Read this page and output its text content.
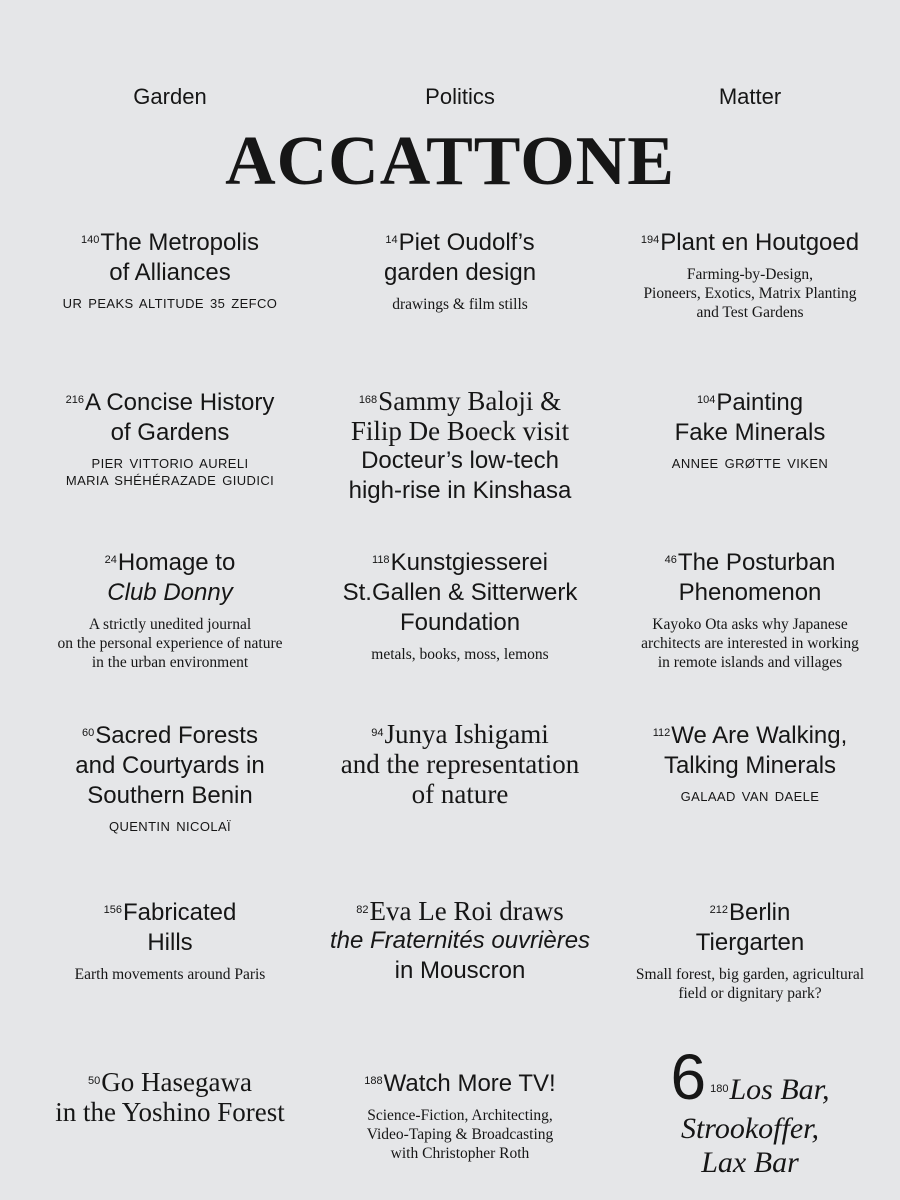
Garden	Politics	Matter
ACCATTONE
$^{140}$The Metropolis
of Alliances
UR PEAKS ALTITUDE 35 ZEFCO
$^{14}$Piet Oudolf’s
garden design
drawings & film stills
$^{194}$Plant en Houtgoed
Farming-by-Design,
Pioneers, Exotics, Matrix Planting
and Test Gardens
$^{216}$A Concise History
of Gardens
PIER VITTORIO AURELI
MARIA SHÉHÉRAZADE GIUDICI
$^{168}$Sammy Baloji &
Filip De Boeck visit
Docteur’s low-tech
high-rise in Kinshasa
$^{104}$Painting
Fake Minerals
ANNEE GRØTTE VIKEN
$^{24}$Homage to
Club Donny
A strictly unedited journal
on the personal experience of nature
in the urban environment
$^{118}$Kunstgiesserei
St.Gallen & Sitterwerk
Foundation
metals, books, moss, lemons
$^{46}$The Posturban
Phenomenon
Kayoko Ota asks why Japanese
architects are interested in working
in remote islands and villages
$^{60}$Sacred Forests
and Courtyards in
Southern Benin
QUENTIN NICOLAÏ
$^{94}$Junya Ishigami
and the representation
of nature
$^{112}$We Are Walking,
Talking Minerals
GALAAD VAN DAELE
$^{156}$Fabricated
Hills
Earth movements around Paris
$^{82}$Eva Le Roi draws
the Fraternités ouvrières
in Mouscron
$^{212}$Berlin
Tiergarten
Small forest, big garden, agricultural
field or dignitary park?
$^{50}$Go Hasegawa
in the Yoshino Forest
$^{188}$Watch More TV!
Science-Fiction, Architecting,
Video-Taping & Broadcasting
with Christopher Roth
6 $^{180}$Los Bar,
Strookoffer,
Lax Bar
